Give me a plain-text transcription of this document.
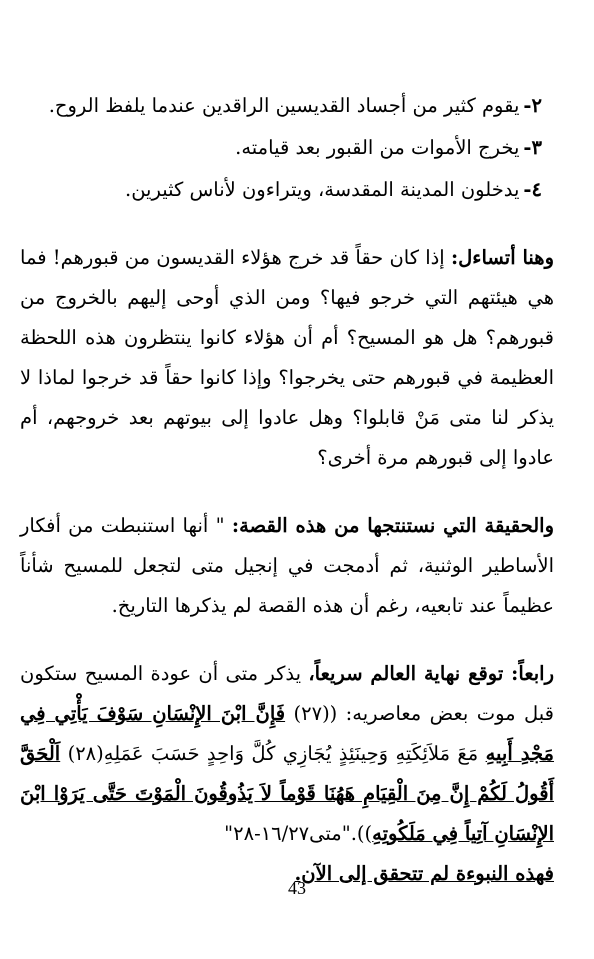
٢-يقوم كثير من أجساد القديسين الراقدين عندما يلفظ الروح.
٣-يخرج الأموات من القبور بعد قيامته.
٤-يدخلون المدينة المقدسة، ويتراءون لأناس كثيرين.

وهنا أتساءل: إذا كان حقاً قد خرج هؤلاء القديسون من قبورهم! فما هي هيئتهم التي خرجو فيها؟ ومن الذي أوحى إليهم بالخروج من قبورهم؟ هل هو المسيح؟ أم أن هؤلاء كانوا ينتظرون هذه اللحظة العظيمة في قبورهم حتى يخرجوا؟ وإذا كانوا حقاً قد خرجوا لماذا لا يذكر لنا متى مَنْ قابلوا؟ وهل عادوا إلى بيوتهم بعد خروجهم، أم عادوا إلى قبورهم مرة أخرى؟

والحقيقة التي نستنتجها من هذه القصة: " أنها استنبطت من أفكار الأساطير الوثنية، ثم أدمجت في إنجيل متى لتجعل للمسيح شأناً عظيماً عند تابعيه، رغم أن هذه القصة لم يذكرها التاريخ.

رابعاً: توقع نهاية العالم سريعاً، يذكر متى أن عودة المسيح ستكون قبل موت بعض معاصريه: ((٢٧) فَإِنَّ ابْنَ الإِنْسَانِ سَوْفَ يَأْتِي فِي مَجْدِ أَبِيهِ مَعَ مَلاَئِكَتِهِ وَحِينَئِذٍ يُجَازِي كُلَّ وَاحِدٍ حَسَبَ عَمَلِهِ(٢٨) اَلْحَقَّ أَقُولُ لَكُمْ إِنَّ مِنَ الْقِيَامِ هَهُنَا قَوْماً لاَ يَذُوقُونَ الْمَوْتَ حَتَّى يَرَوْا ابْنَ الإِنْسَانِ آتِياً فِي مَلَكُوتِهِ))."متى١٦/٢٧-٢٨"

فهذه النبوءة لم تتحقق إلى الآن.

43
